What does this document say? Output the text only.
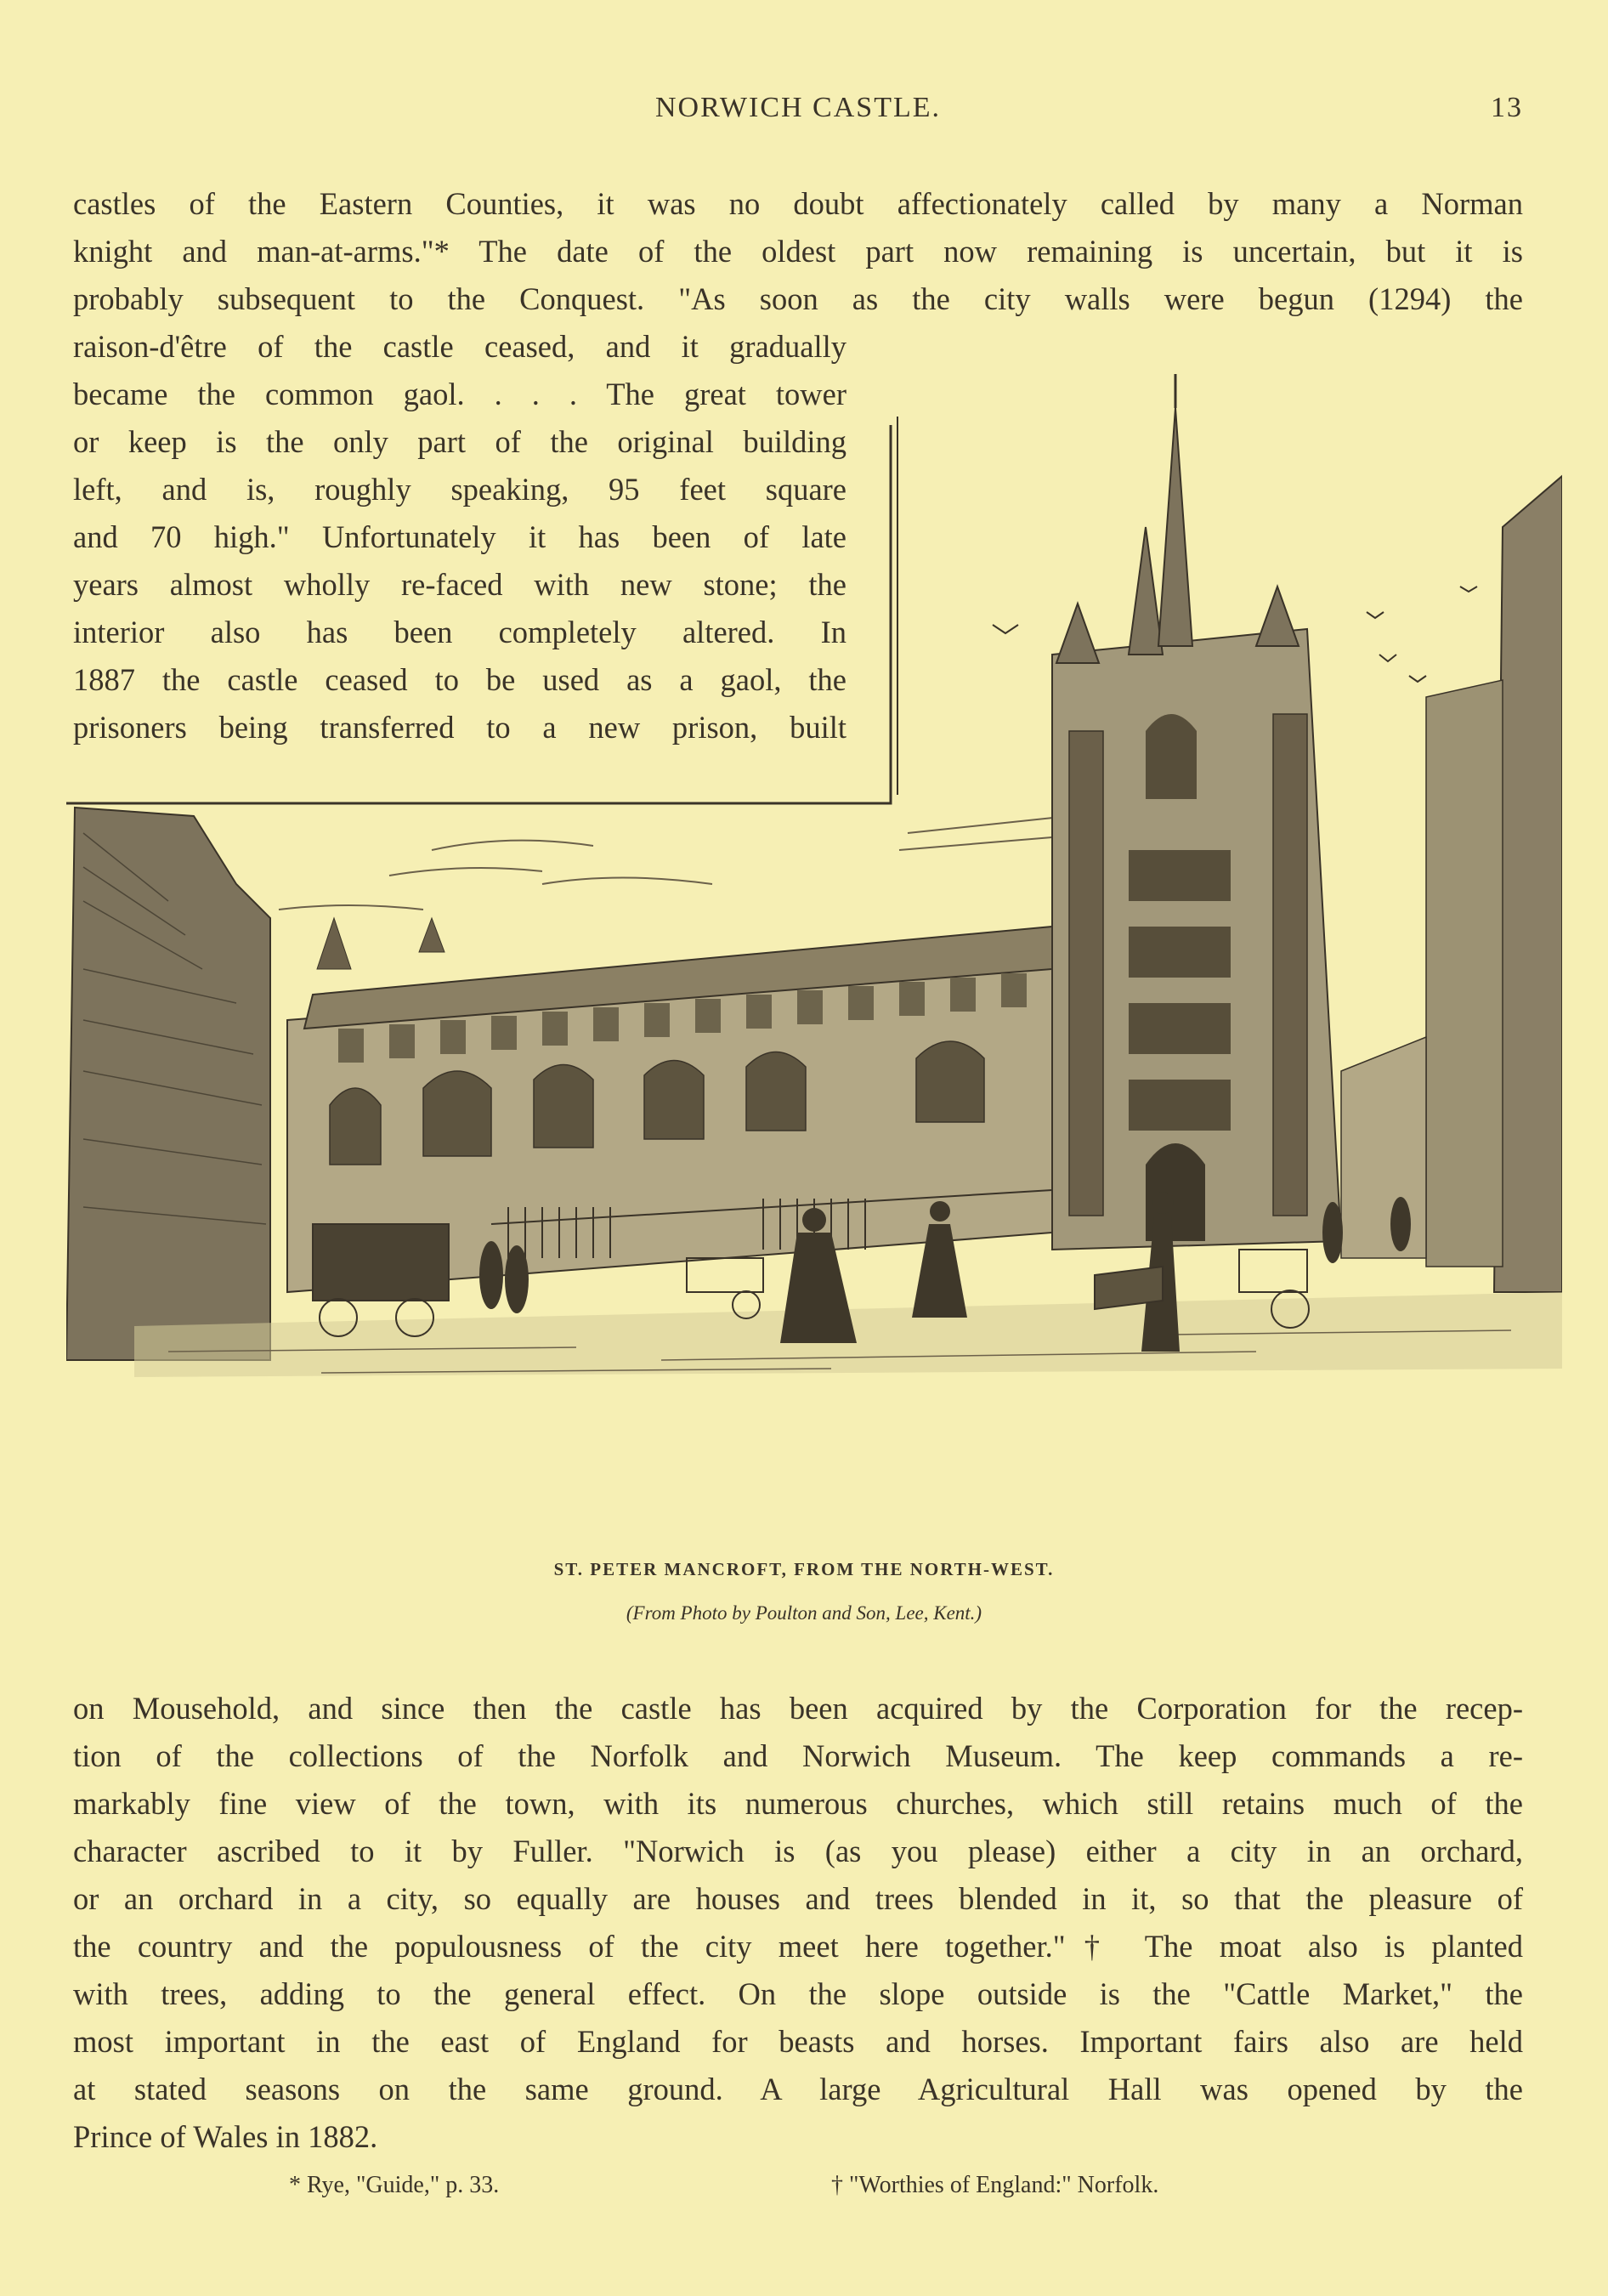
NORWICH CASTLE.	13
castles of the Eastern Counties, it was no doubt affectionately called by many a Norman
knight and man-at-arms."* The date of the oldest part now remaining is uncertain, but it is
probably subsequent to the Conquest. "As soon as the city walls were begun (1294) the
raison-d'être of the castle ceased, and it gradually
became the common gaol. . . . The great tower
or keep is the only part of the original building
left, and is, roughly speaking, 95 feet square
and 70 high." Unfortunately it has been of late
years almost wholly re-faced with new stone; the
interior also has been completely altered. In
1887 the castle ceased to be used as a gaol, the
prisoners being transferred to a new prison, built
ST. PETER MANCROFT, FROM THE NORTH-WEST.
(From Photo by Poulton and Son, Lee, Kent.)
on Mousehold, and since then the castle has been acquired by the Corporation for the recep-
tion of the collections of the Norfolk and Norwich Museum. The keep commands a re-
markably fine view of the town, with its numerous churches, which still retains much of the
character ascribed to it by Fuller. "Norwich is (as you please) either a city in an orchard,
or an orchard in a city, so equally are houses and trees blended in it, so that the pleasure of
the country and the populousness of the city meet here together."† The moat also is planted
with trees, adding to the general effect. On the slope outside is the "Cattle Market," the
most important in the east of England for beasts and horses. Important fairs also are held
at stated seasons on the same ground. A large Agricultural Hall was opened by the
Prince of Wales in 1882.
* Rye, "Guide," p. 33.	† "Worthies of England:" Norfolk.
